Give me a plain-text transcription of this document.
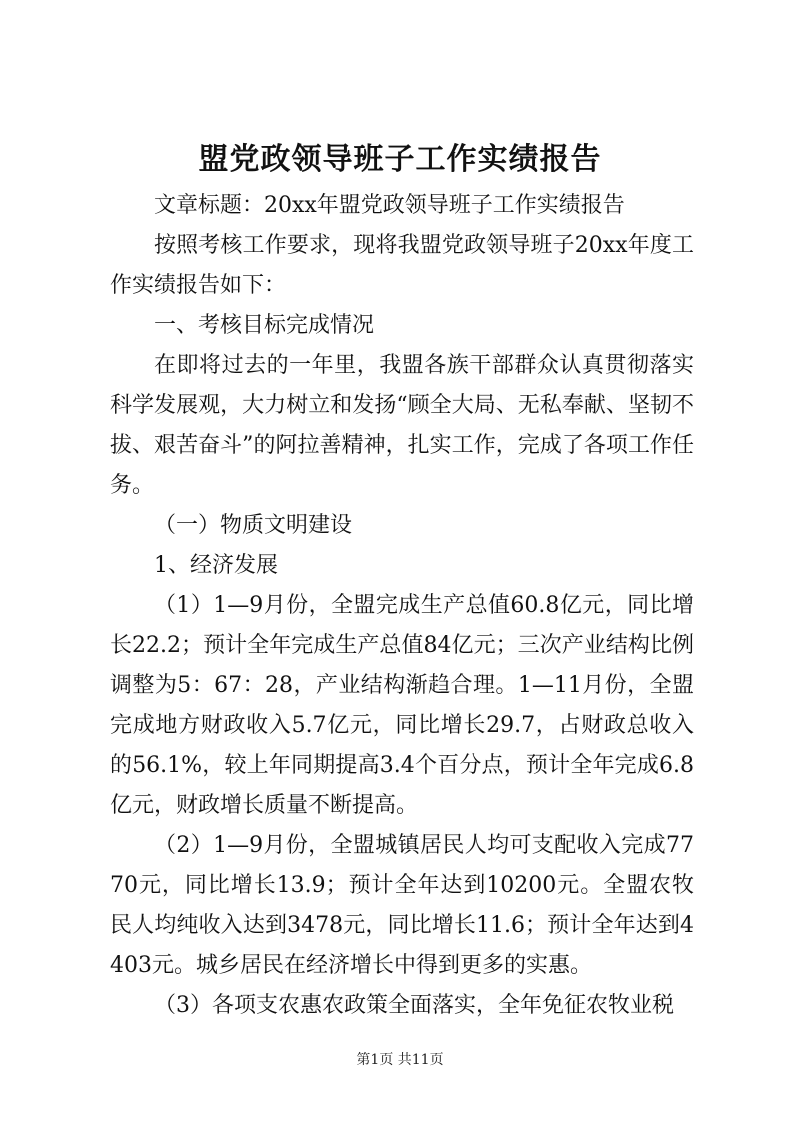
盟党政领导班子工作实绩报告

文章标题：20xx年盟党政领导班子工作实绩报告

按照考核工作要求，现将我盟党政领导班子20xx年度工作实绩报告如下：

一、考核目标完成情况

在即将过去的一年里，我盟各族干部群众认真贯彻落实科学发展观，大力树立和发扬“顾全大局、无私奉献、坚韧不拔、艰苦奋斗”的阿拉善精神，扎实工作，完成了各项工作任务。

（一）物质文明建设

1、经济发展

（1）1—9月份，全盟完成生产总值60.8亿元，同比增长22.2；预计全年完成生产总值84亿元；三次产业结构比例调整为5：67：28，产业结构渐趋合理。1—11月份，全盟完成地方财政收入5.7亿元，同比增长29.7，占财政总收入的56.1%，较上年同期提高3.4个百分点，预计全年完成6.8亿元，财政增长质量不断提高。

（2）1—9月份，全盟城镇居民人均可支配收入完成7770元，同比增长13.9；预计全年达到10200元。全盟农牧民人均纯收入达到3478元，同比增长11.6；预计全年达到4403元。城乡居民在经济增长中得到更多的实惠。

（3）各项支农惠农政策全面落实，全年免征农牧业税

第1页 共11页
